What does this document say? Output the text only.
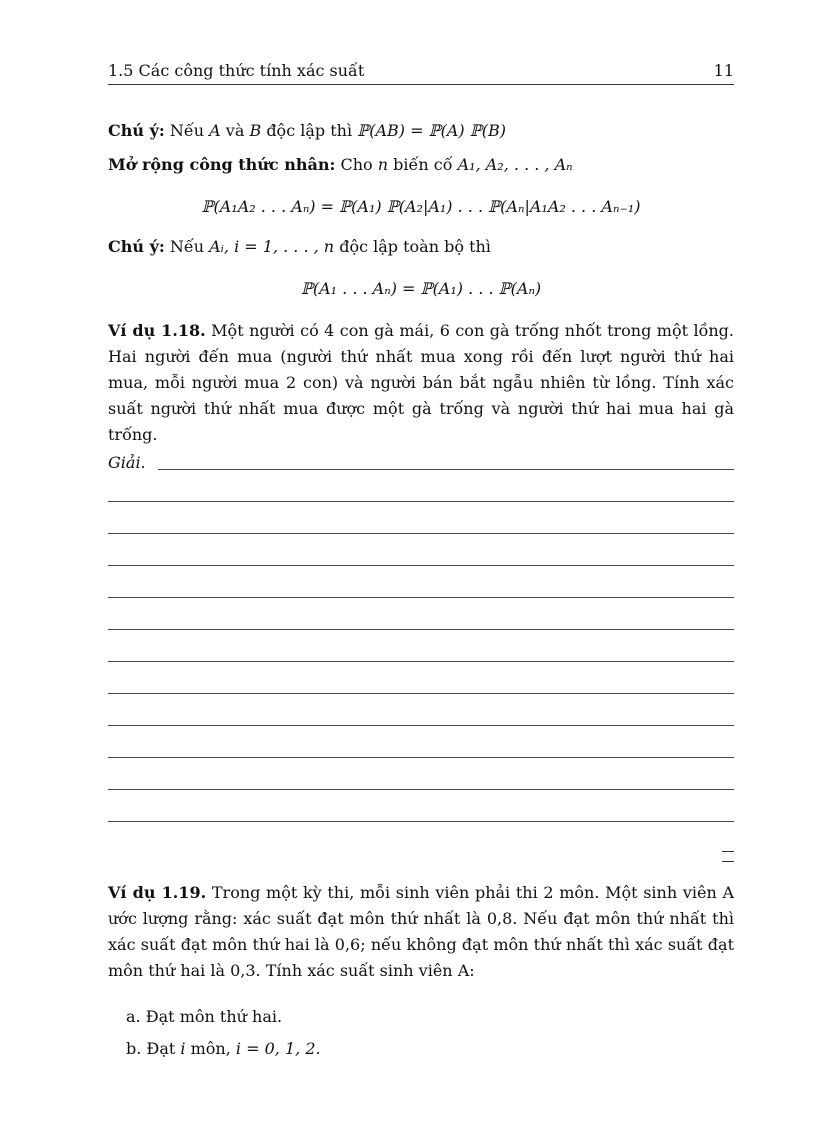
1.5 Các công thức tính xác suất	11
Chú ý: Nếu A và B độc lập thì ℙ(AB) = ℙ(A) ℙ(B)
Mở rộng công thức nhân: Cho n biến cố A₁, A₂, . . . , Aₙ
ℙ(A₁A₂ . . . Aₙ) = ℙ(A₁) ℙ(A₂|A₁) . . . ℙ(Aₙ|A₁A₂ . . . Aₙ₋₁)
Chú ý: Nếu Aᵢ, i = 1, . . . , n độc lập toàn bộ thì
ℙ(A₁ . . . Aₙ) = ℙ(A₁) . . . ℙ(Aₙ)
Ví dụ 1.18. Một người có 4 con gà mái, 6 con gà trống nhốt trong một lồng. Hai người đến mua (người thứ nhất mua xong rồi đến lượt người thứ hai mua, mỗi người mua 2 con) và người bán bắt ngẫu nhiên từ lồng. Tính xác suất người thứ nhất mua được một gà trống và người thứ hai mua hai gà trống.
Giải.
Ví dụ 1.19. Trong một kỳ thi, mỗi sinh viên phải thi 2 môn. Một sinh viên A ước lượng rằng: xác suất đạt môn thứ nhất là 0,8. Nếu đạt môn thứ nhất thì xác suất đạt môn thứ hai là 0,6; nếu không đạt môn thứ nhất thì xác suất đạt môn thứ hai là 0,3. Tính xác suất sinh viên A:
a. Đạt môn thứ hai.
b. Đạt i môn, i = 0, 1, 2.
